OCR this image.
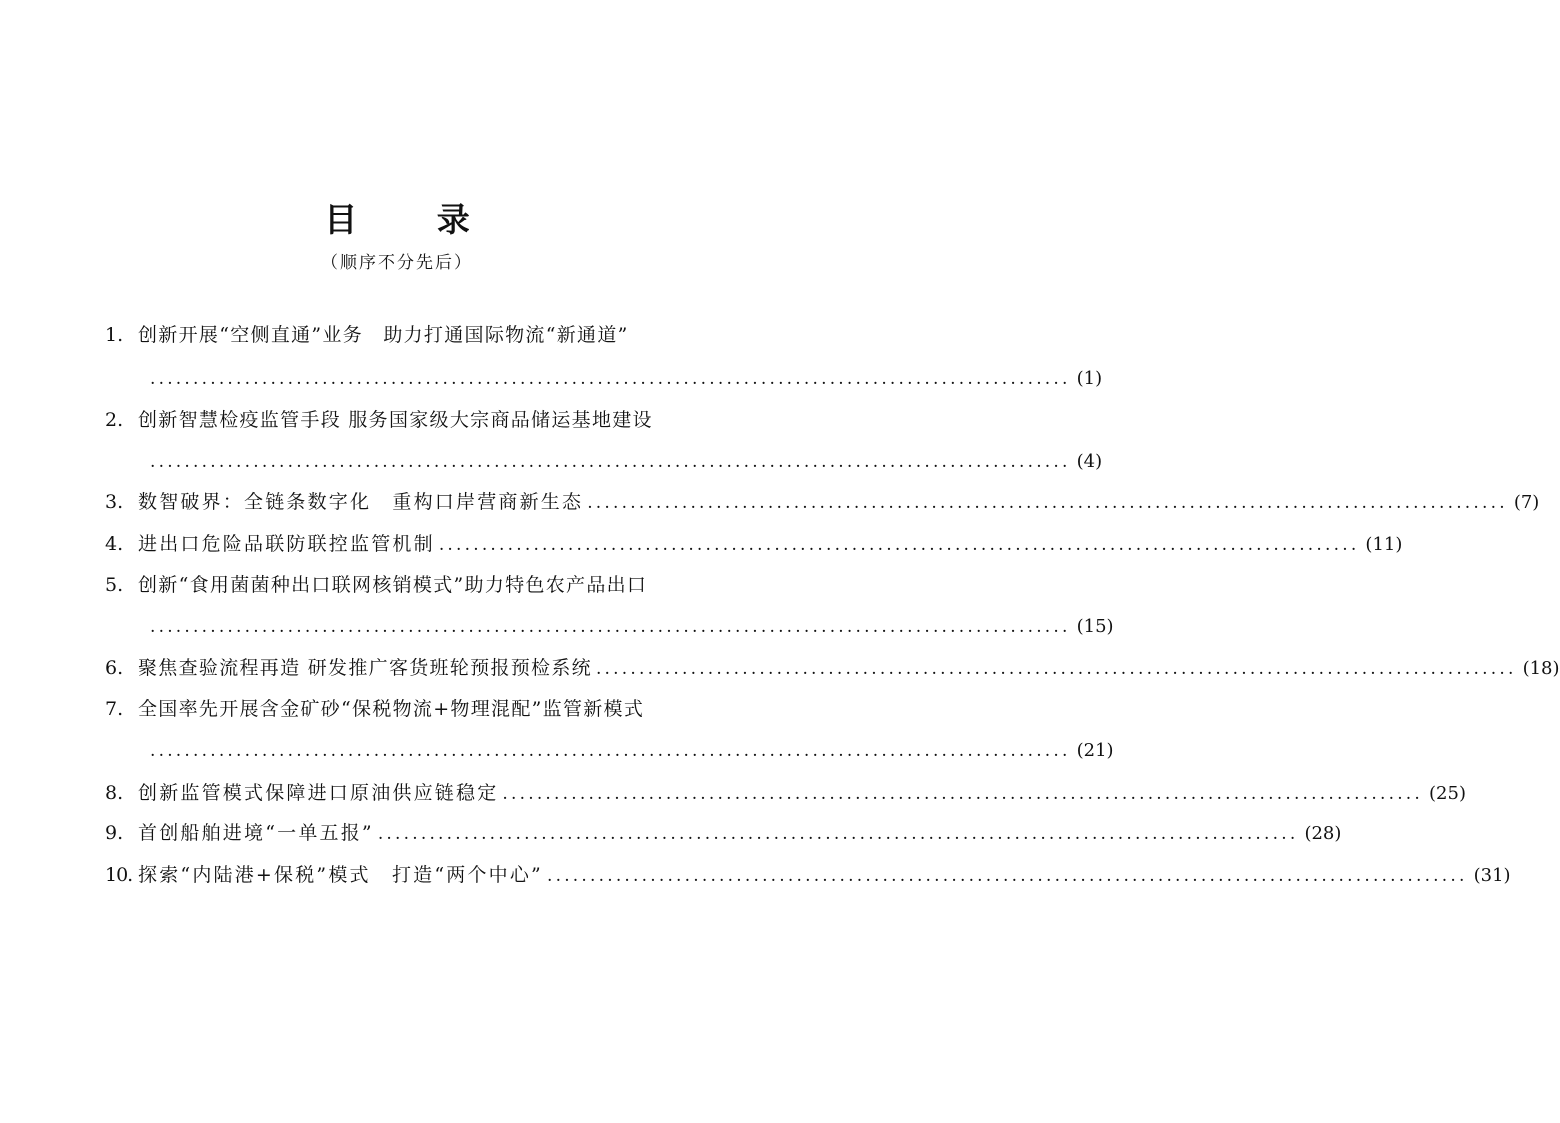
目 录
（顺序不分先后）
1. 创新开展“空侧直通”业务　助力打通国际物流“新通道”
........................................................................................................... (1)
2. 创新智慧检疫监管手段 服务国家级大宗商品储运基地建设
........................................................................................................... (4)
3. 数智破界：全链条数字化　重构口岸营商新生态 ........................................................................................................... (7)
4. 进出口危险品联防联控监管机制 ........................................................................................................... (11)
5. 创新“食用菌菌种出口联网核销模式”助力特色农产品出口
........................................................................................................... (15)
6. 聚焦查验流程再造 研发推广客货班轮预报预检系统 ........................................................................................................... (18)
7. 全国率先开展含金矿砂“保税物流+物理混配”监管新模式
........................................................................................................... (21)
8. 创新监管模式保障进口原油供应链稳定 ........................................................................................................... (25)
9. 首创船舶进境“一单五报” ........................................................................................................... (28)
10. 探索“内陆港+保税”模式　打造“两个中心” ........................................................................................................... (31)
